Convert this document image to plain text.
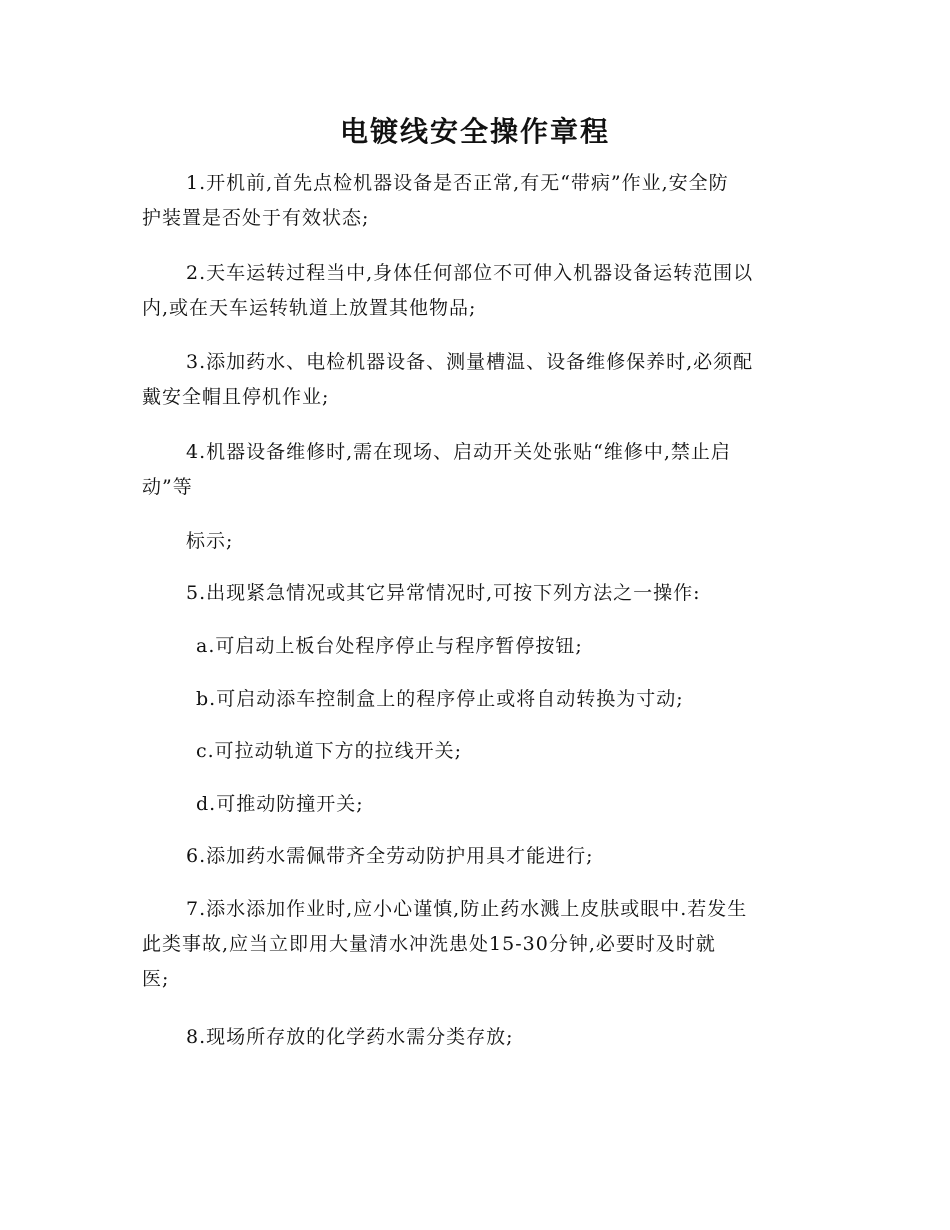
电镀线安全操作章程
1.开机前,首先点检机器设备是否正常,有无“带病”作业,安全防
护装置是否处于有效状态;
2.天车运转过程当中,身体任何部位不可伸入机器设备运转范围以
内,或在天车运转轨道上放置其他物品;
3.添加药水、电检机器设备、测量槽温、设备维修保养时,必须配
戴安全帽且停机作业;
4.机器设备维修时,需在现场、启动开关处张贴“维修中,禁止启
动”等
标示;
5.出现紧急情况或其它异常情况时,可按下列方法之一操作:
a.可启动上板台处程序停止与程序暂停按钮;
b.可启动添车控制盒上的程序停止或将自动转换为寸动;
c.可拉动轨道下方的拉线开关;
d.可推动防撞开关;
6.添加药水需佩带齐全劳动防护用具才能进行;
7.添水添加作业时,应小心谨慎,防止药水溅上皮肤或眼中.若发生
此类事故,应当立即用大量清水冲洗患处15-30分钟,必要时及时就
医;
8.现场所存放的化学药水需分类存放;
